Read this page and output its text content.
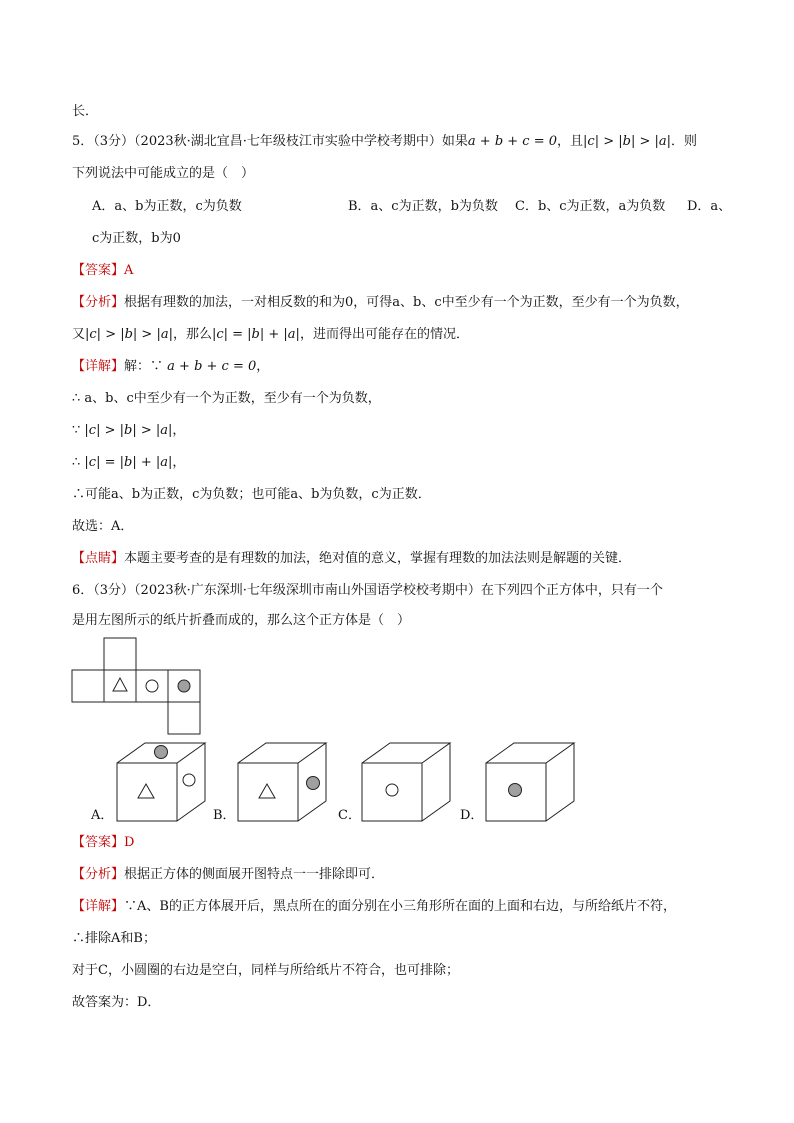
长．
5．（3分）（2023秋·湖北宜昌·七年级枝江市实验中学校考期中）如果a + b + c = 0，且|c| > |b| > |a|．则
下列说法中可能成立的是（　）
A．a、b为正数，c为负数	B．a、c为正数，b为负数 C．b、c为正数，a为负数 D．a、
c为正数，b为0
【答案】A
【分析】根据有理数的加法，一对相反数的和为0，可得a、b、c中至少有一个为正数，至少有一个为负数，
又|c| > |b| > |a|，那么|c| = |b| + |a|，进而得出可能存在的情况．
【详解】解：∵ a + b + c = 0，
∴ a、b、c中至少有一个为正数，至少有一个为负数，
∵ |c| > |b| > |a|，
∴ |c| = |b| + |a|，
∴可能a、b为正数，c为负数；也可能a、b为负数，c为正数．
故选：A．
【点睛】本题主要考查的是有理数的加法，绝对值的意义，掌握有理数的加法法则是解题的关键．
6．（3分）（2023秋·广东深圳·七年级深圳市南山外国语学校校考期中）在下列四个正方体中，只有一个
是用左图所示的纸片折叠而成的，那么这个正方体是（　）
A．	B．	C．	D．
【答案】D
【分析】根据正方体的侧面展开图特点一一排除即可．
【详解】∵A、B的正方体展开后，黑点所在的面分别在小三角形所在面的上面和右边，与所给纸片不符，
∴排除A和B；
对于C，小圆圈的右边是空白，同样与所给纸片不符合，也可排除；
故答案为：D．
